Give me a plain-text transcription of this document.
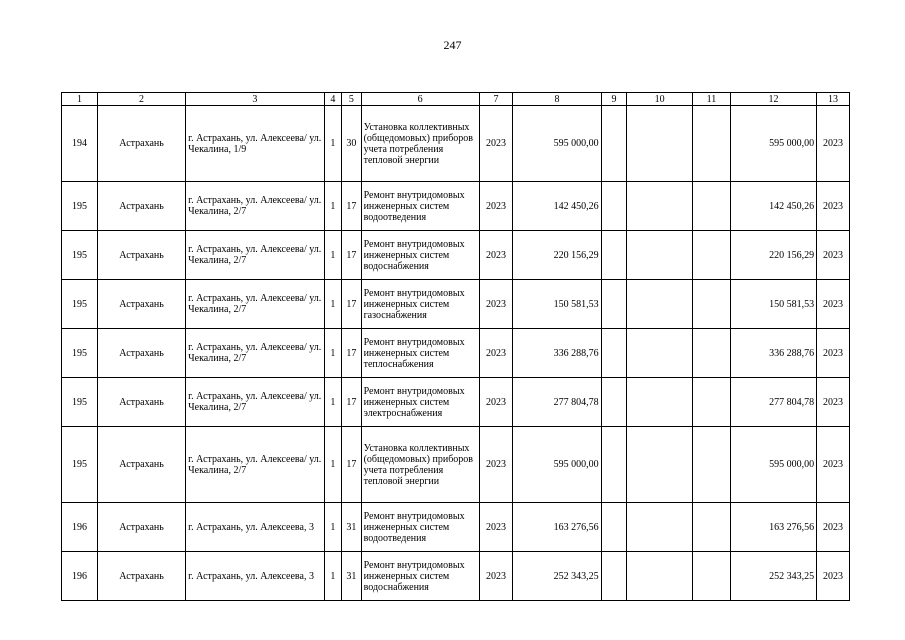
247
1	2	3	4	5	6	7	8	9	10	11	12	13
194	Астрахань	г. Астрахань, ул. Алексеева/ ул. Чекалина, 1/9	1	30	Установка коллективных (общедомовых) приборов учета потребления тепловой энергии	2023	595 000,00				595 000,00	2023
195	Астрахань	г. Астрахань, ул. Алексеева/ ул. Чекалина, 2/7	1	17	Ремонт внутридомовых инженерных систем водоотведения	2023	142 450,26				142 450,26	2023
195	Астрахань	г. Астрахань, ул. Алексеева/ ул. Чекалина, 2/7	1	17	Ремонт внутридомовых инженерных систем водоснабжения	2023	220 156,29				220 156,29	2023
195	Астрахань	г. Астрахань, ул. Алексеева/ ул. Чекалина, 2/7	1	17	Ремонт внутридомовых инженерных систем газоснабжения	2023	150 581,53				150 581,53	2023
195	Астрахань	г. Астрахань, ул. Алексеева/ ул. Чекалина, 2/7	1	17	Ремонт внутридомовых инженерных систем теплоснабжения	2023	336 288,76				336 288,76	2023
195	Астрахань	г. Астрахань, ул. Алексеева/ ул. Чекалина, 2/7	1	17	Ремонт внутридомовых инженерных систем электроснабжения	2023	277 804,78				277 804,78	2023
195	Астрахань	г. Астрахань, ул. Алексеева/ ул. Чекалина, 2/7	1	17	Установка коллективных (общедомовых) приборов учета потребления тепловой энергии	2023	595 000,00				595 000,00	2023
196	Астрахань	г. Астрахань, ул. Алексеева, 3	1	31	Ремонт внутридомовых инженерных систем водоотведения	2023	163 276,56				163 276,56	2023
196	Астрахань	г. Астрахань, ул. Алексеева, 3	1	31	Ремонт внутридомовых инженерных систем водоснабжения	2023	252 343,25				252 343,25	2023
